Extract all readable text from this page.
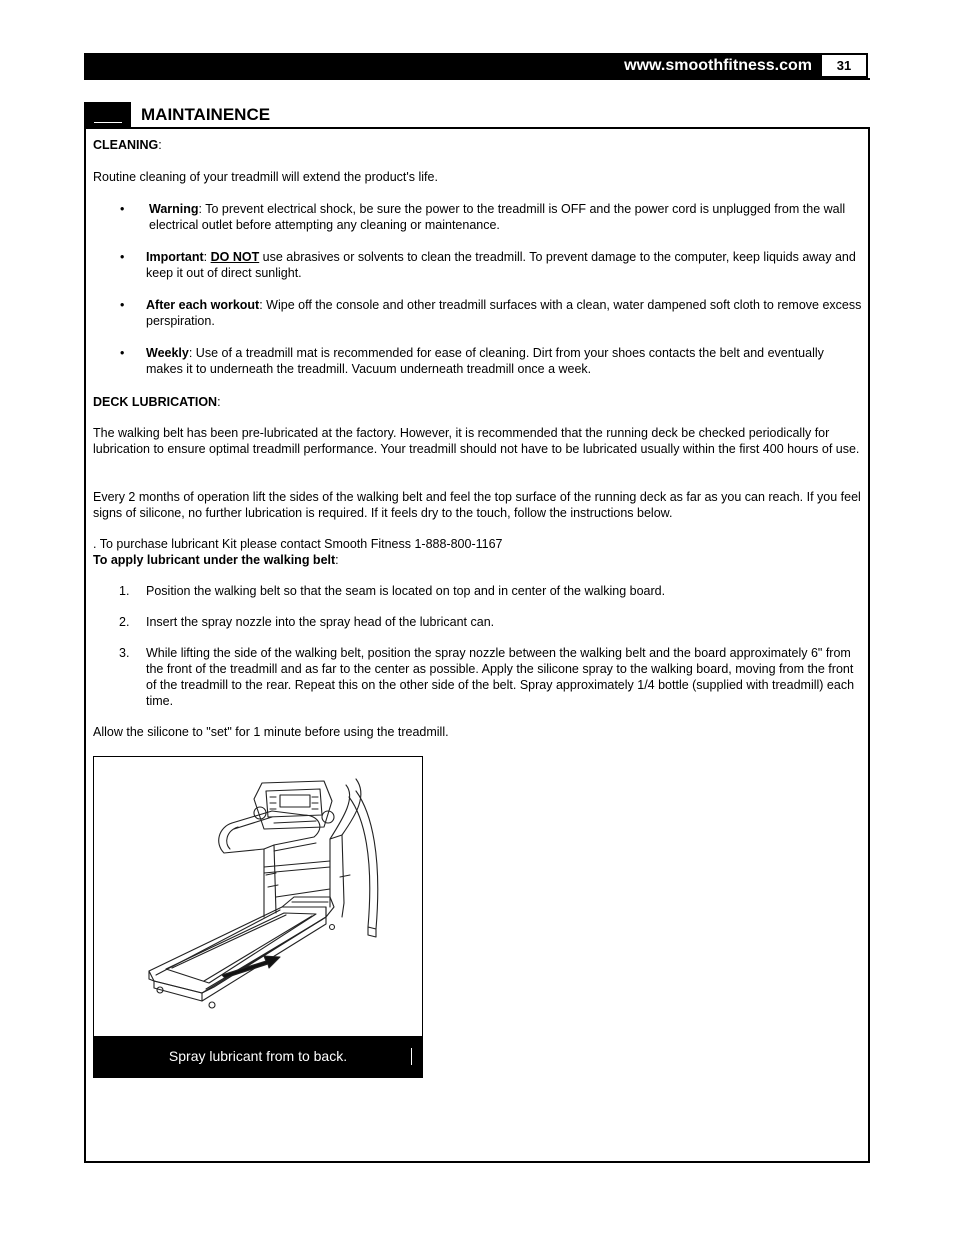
www.smoothfitness.com	31
MAINTAINENCE
CLEANING:
Routine cleaning of your treadmill will extend the product's life.
• Warning: To prevent electrical shock, be sure the power to the treadmill is OFF and the power cord is unplugged from the wall electrical outlet before attempting any cleaning or maintenance.
• Important: DO NOT use abrasives or solvents to clean the treadmill. To prevent damage to the computer, keep liquids away and keep it out of direct sunlight.
• After each workout: Wipe off the console and other treadmill surfaces with a clean, water dampened soft cloth to remove excess perspiration.
• Weekly: Use of a treadmill mat is recommended for ease of cleaning. Dirt from your shoes contacts the belt and eventually makes it to underneath the treadmill. Vacuum underneath treadmill once a week.
DECK LUBRICATION:
The walking belt has been pre-lubricated at the factory. However, it is recommended that the running deck be checked periodically for lubrication to ensure optimal treadmill performance. Your treadmill should not have to be lubricated usually within the first 400 hours of use.
Every 2 months of operation lift the sides of the walking belt and feel the top surface of the running deck as far as you can reach. If you feel signs of silicone, no further lubrication is required. If it feels dry to the touch, follow the instructions below.
. To purchase lubricant Kit please contact Smooth Fitness 1-888-800-1167
To apply lubricant under the walking belt:
1. Position the walking belt so that the seam is located on top and in center of the walking board.
2. Insert the spray nozzle into the spray head of the lubricant can.
3. While lifting the side of the walking belt, position the spray nozzle between the walking belt and the board approximately 6" from the front of the treadmill and as far to the center as possible. Apply the silicone spray to the walking board, moving from the front of the treadmill to the rear. Repeat this on the other side of the belt. Spray approximately 1/4 bottle (supplied with treadmill) each time.
Allow the silicone to "set" for 1 minute before using the treadmill.
Spray lubricant from to back.
